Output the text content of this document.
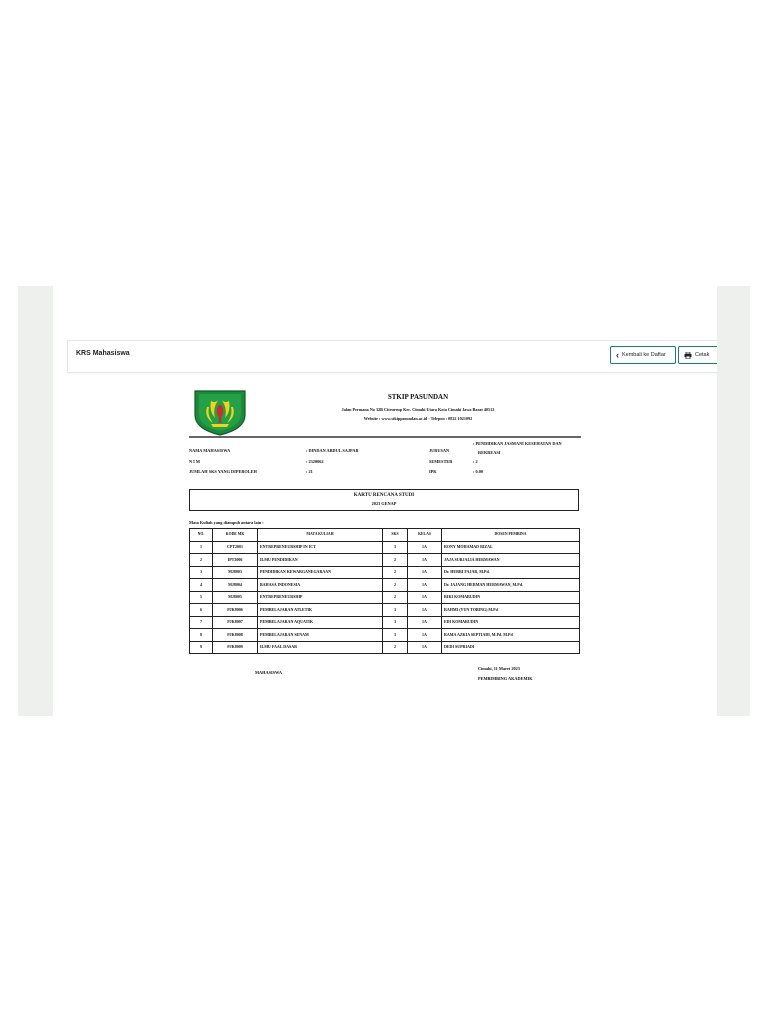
KRS Mahasiswa	‹ Kembali ke Daftar	Cetak
STKIP PASUNDAN
Jalan Permana No 32B Citeureup Kec. Cimahi Utara Kota Cimahi Jawa Barat 40512
Website : www.stkippasundan.ac.id - Telepon : 0822 1021092
NAMA MAHASISWA	: DINDAN ABDUL SAJPAR
N I M	: 2320062
JUMLAH SKS YANG DIPEROLEH	: 21
JURUSAN
: PENDIDIKAN JASMANI KESEHATAN DAN
REKREASI
SEMESTER	: 2
IPK	: 0.00
KARTU RENCANA STUDI
2023 GENAP
Mata Kuliah yang diampuh antara lain :
NO.	KODE MK	MATA KULIAH	SKS	KELAS	DOSEN PEMBINA
1	CPT2001	ENTREPRENEURSHIP IN ICT	3	1A	RONY MOHAMAD RIZAL
2	IPT2006	ILMU PENDIDIKAN	2	1A	JAJA SURJALIA HERMAWAN
3	MJ8003	PENDIDIKAN KEWARGANEGARAAN	2	1A	Dr. HERRI FAJAR, M.Pd.
4	MJ8004	BAHASA INDONESIA	2	1A	Dr. JAJANG HERMAN HERMAWAN, M.Pd.
5	MJ8005	ENTREPRENEURSHIP	2	1A	RIKI KOMARUDIN
6	PJK8006	PEMBELAJARAN ATLETIK	3	1A	RAHMI (YUN TOBING) M.Pd
7	PJK8007	PEMBELAJARAN AQUATIK	3	1A	EDI KOMARUDIN
8	PJK8008	PEMBELAJARAN SENAM	3	1A	RAMA AZKIA SEPTIADI, M.Pd. M.Pd
9	PJK8009	ILMU FAAL DASAR	2	1A	DEDI SUPRIADI
MAHASISWA
Cimahi, 11 Maret 2023
PEMBIMBING AKADEMIK
